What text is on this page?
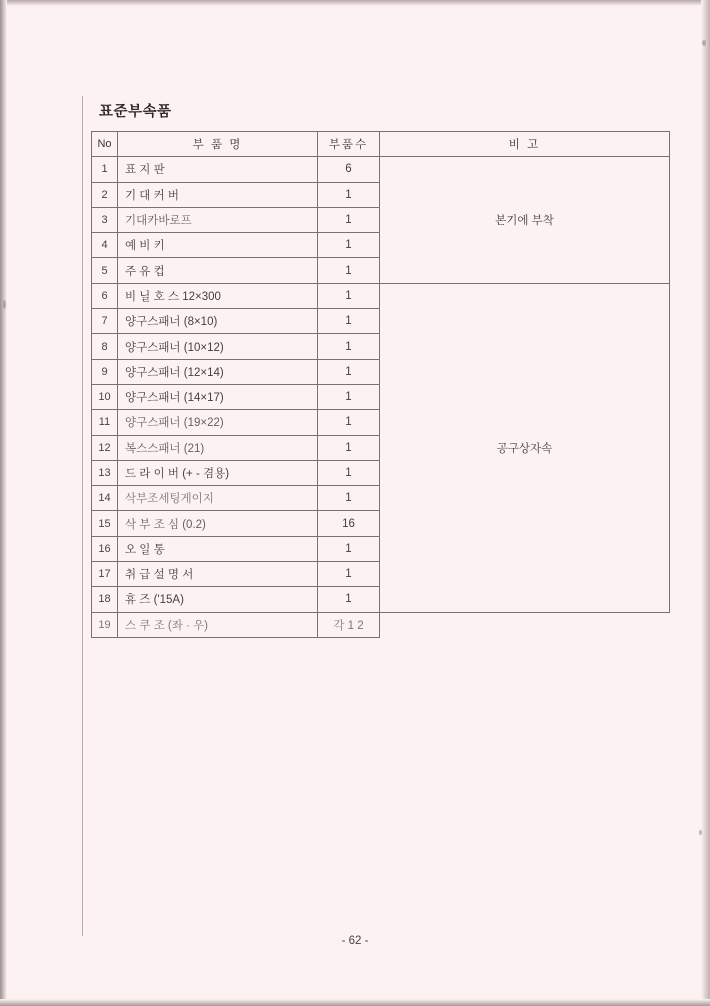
표준부속품
No	부 품 명	부품수	비 고
1	표 지 판	6	본기에 부착
2	기 대 커 버	1	
3	기대카바로프	1	
4	예 비 키	1	
5	주 유 컵	1	
6	비 닐 호 스 12×300	1	공구상자속
7	양구스패너 (8×10)	1	
8	양구스패너 (10×12)	1	
9	양구스패너 (12×14)	1	
10	양구스패너 (14×17)	1	
11	양구스패너 (19×22)	1	
12	복스스패너 (21)	1	
13	드 라 이 버 (+ - 겸용)	1	
14	삭부조세팅게이지	1	
15	삭 부 조 심 (0.2)	16	
16	오 일 통	1	
17	취 급 설 명 서	1	
18	휴 즈 ('15A)	1	
19	스 쿠 조 (좌 · 우)	각 1 2	
- 62 -
